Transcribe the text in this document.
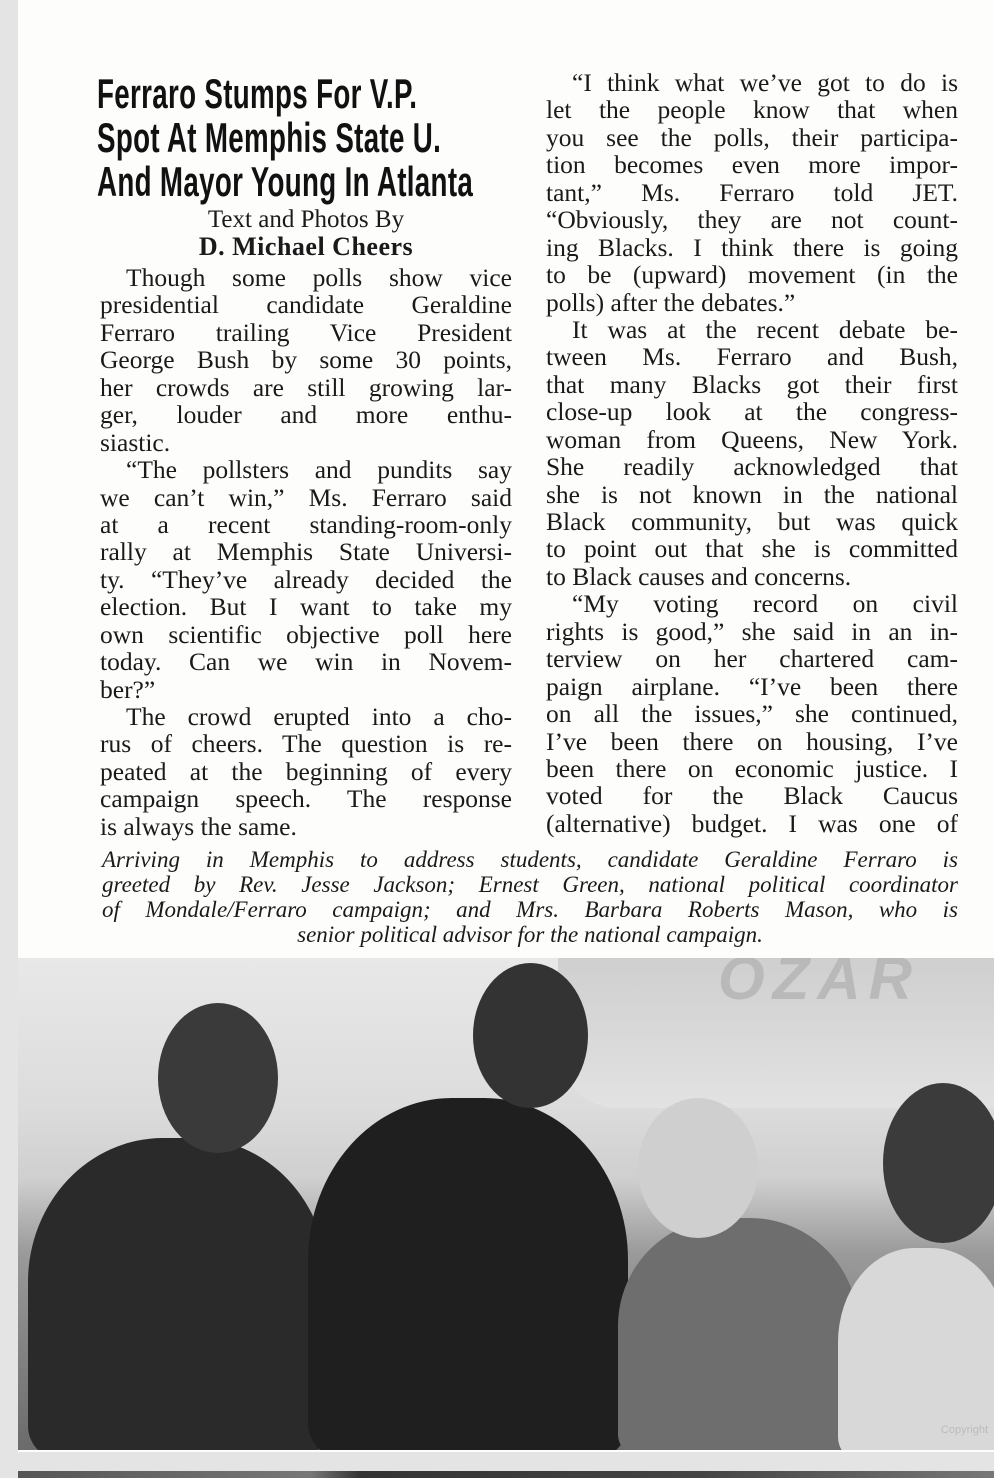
Ferraro Stumps For V.P.
Spot At Memphis State U.
And Mayor Young In Atlanta
Text and Photos By
D. Michael Cheers
Though some polls show vice
presidential candidate Geraldine
Ferraro trailing Vice President
George Bush by some 30 points,
her crowds are still growing lar-
ger, louder and more enthu-
siastic.
“The pollsters and pundits say
we can’t win,” Ms. Ferraro said
at a recent standing-room-only
rally at Memphis State Universi-
ty. “They’ve already decided the
election. But I want to take my
own scientific objective poll here
today. Can we win in Novem-
ber?”
The crowd erupted into a cho-
rus of cheers. The question is re-
peated at the beginning of every
campaign speech. The response
is always the same.
“I think what we’ve got to do is
let the people know that when
you see the polls, their participa-
tion becomes even more impor-
tant,” Ms. Ferraro told JET.
“Obviously, they are not count-
ing Blacks. I think there is going
to be (upward) movement (in the
polls) after the debates.”
It was at the recent debate be-
tween Ms. Ferraro and Bush,
that many Blacks got their first
close-up look at the congress-
woman from Queens, New York.
She readily acknowledged that
she is not known in the national
Black community, but was quick
to point out that she is committed
to Black causes and concerns.
“My voting record on civil
rights is good,” she said in an in-
terview on her chartered cam-
paign airplane. “I’ve been there
on all the issues,” she continued,
I’ve been there on housing, I’ve
been there on economic justice. I
voted for the Black Caucus
(alternative) budget. I was one of
Arriving in Memphis to address students, candidate Geraldine Ferraro is
greeted by Rev. Jesse Jackson; Ernest Green, national political coordinator
of Mondale/Ferraro campaign; and Mrs. Barbara Roberts Mason, who is
senior political advisor for the national campaign.
OZAR
Copyright
